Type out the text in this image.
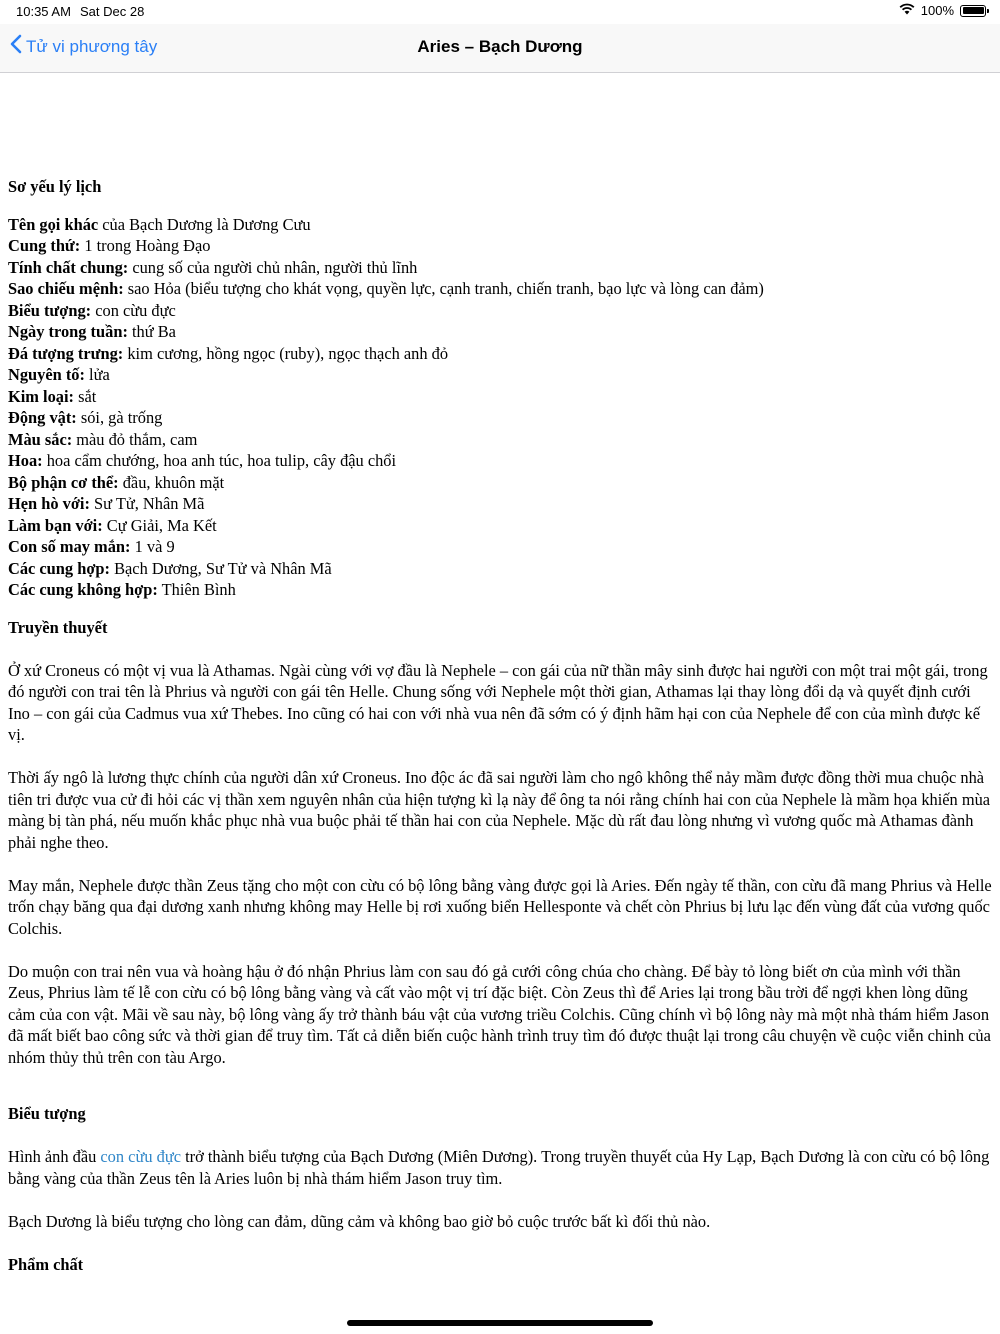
10:35 AM Sat Dec 28	100%
Tử vi phương tây	Aries – Bạch Dương
Sơ yếu lý lịch
Tên gọi khác của Bạch Dương là Dương Cưu
Cung thứ: 1 trong Hoàng Đạo
Tính chất chung: cung số của người chủ nhân, người thủ lĩnh
Sao chiếu mệnh: sao Hỏa (biểu tượng cho khát vọng, quyền lực, cạnh tranh, chiến tranh, bạo lực và lòng can đảm)
Biểu tượng: con cừu đực
Ngày trong tuần: thứ Ba
Đá tượng trưng: kim cương, hồng ngọc (ruby), ngọc thạch anh đỏ
Nguyên tố: lửa
Kim loại: sắt
Động vật: sói, gà trống
Màu sắc: màu đỏ thắm, cam
Hoa: hoa cẩm chướng, hoa anh túc, hoa tulip, cây đậu chổi
Bộ phận cơ thể: đầu, khuôn mặt
Hẹn hò với: Sư Tử, Nhân Mã
Làm bạn với: Cự Giải, Ma Kết
Con số may mắn: 1 và 9
Các cung hợp: Bạch Dương, Sư Tử và Nhân Mã
Các cung không hợp: Thiên Bình
Truyền thuyết

Ở xứ Croneus có một vị vua là Athamas. Ngài cùng với vợ đầu là Nephele – con gái của nữ thần mây sinh được hai người con một trai một gái, trong đó người con trai tên là Phrius và người con gái tên Helle. Chung sống với Nephele một thời gian, Athamas lại thay lòng đổi dạ và quyết định cưới Ino – con gái của Cadmus vua xứ Thebes. Ino cũng có hai con với nhà vua nên đã sớm có ý định hãm hại con của Nephele để con của mình được kế vị.

Thời ấy ngô là lương thực chính của người dân xứ Croneus. Ino độc ác đã sai người làm cho ngô không thể nảy mầm được đồng thời mua chuộc nhà tiên tri được vua cử đi hỏi các vị thần xem nguyên nhân của hiện tượng kì lạ này để ông ta nói rằng chính hai con của Nephele là mầm họa khiến mùa màng bị tàn phá, nếu muốn khắc phục nhà vua buộc phải tế thần hai con của Nephele. Mặc dù rất đau lòng nhưng vì vương quốc mà Athamas đành phải nghe theo.

May mắn, Nephele được thần Zeus tặng cho một con cừu có bộ lông bằng vàng được gọi là Aries. Đến ngày tế thần, con cừu đã mang Phrius và Helle trốn chạy băng qua đại dương xanh nhưng không may Helle bị rơi xuống biển Hellesponte và chết còn Phrius bị lưu lạc đến vùng đất của vương quốc Colchis.

Do muộn con trai nên vua và hoàng hậu ở đó nhận Phrius làm con sau đó gả cưới công chúa cho chàng. Để bày tỏ lòng biết ơn của mình với thần Zeus, Phrius làm tế lễ con cừu có bộ lông bằng vàng và cất vào một vị trí đặc biệt. Còn Zeus thì để Aries lại trong bầu trời để ngợi khen lòng dũng cảm của con vật. Mãi về sau này, bộ lông vàng ấy trở thành báu vật của vương triều Colchis. Cũng chính vì bộ lông này mà một nhà thám hiểm Jason đã mất biết bao công sức và thời gian để truy tìm. Tất cả diễn biến cuộc hành trình truy tìm đó được thuật lại trong câu chuyện về cuộc viễn chinh của nhóm thủy thủ trên con tàu Argo.

Biểu tượng

Hình ảnh đầu con cừu đực trở thành biểu tượng của Bạch Dương (Miên Dương). Trong truyền thuyết của Hy Lạp, Bạch Dương là con cừu có bộ lông bằng vàng của thần Zeus tên là Aries luôn bị nhà thám hiểm Jason truy tìm.

Bạch Dương là biểu tượng cho lòng can đảm, dũng cảm và không bao giờ bỏ cuộc trước bất kì đối thủ nào.

Phẩm chất
